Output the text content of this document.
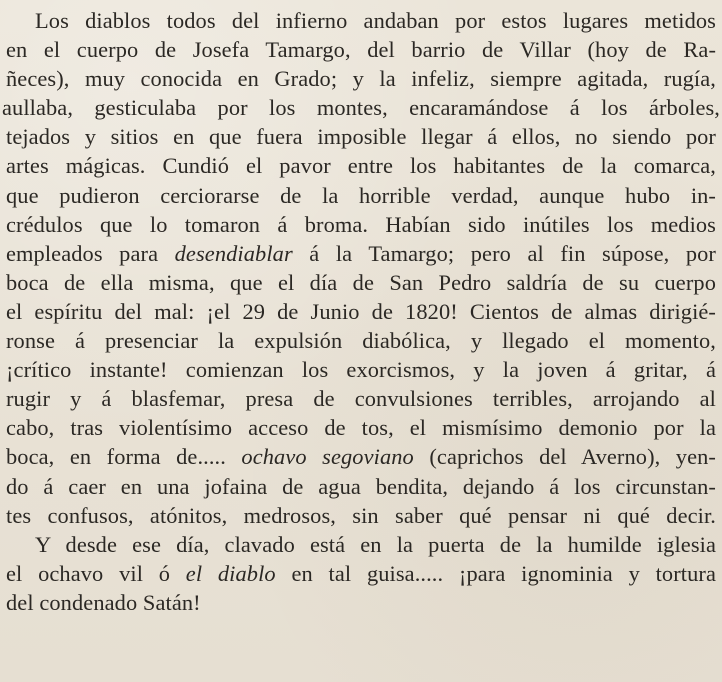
Los diablos todos del infierno andaban por estos lugares metidos
en el cuerpo de Josefa Tamargo, del barrio de Villar (hoy de Ra-
ñeces), muy conocida en Grado; y la infeliz, siempre agitada, rugía,
aullaba, gesticulaba por los montes, encaramándose á los árboles,
tejados y sitios en que fuera imposible llegar á ellos, no siendo por
artes mágicas. Cundió el pavor entre los habitantes de la comarca,
que pudieron cerciorarse de la horrible verdad, aunque hubo in-
crédulos que lo tomaron á broma. Habían sido inútiles los medios
empleados para desendiablar á la Tamargo; pero al fin súpose, por
boca de ella misma, que el día de San Pedro saldría de su cuerpo
el espíritu del mal: ¡el 29 de Junio de 1820! Cientos de almas dirigié-
ronse á presenciar la expulsión diabólica, y llegado el momento,
¡crítico instante! comienzan los exorcismos, y la joven á gritar, á
rugir y á blasfemar, presa de convulsiones terribles, arrojando al
cabo, tras violentísimo acceso de tos, el mismísimo demonio por la
boca, en forma de..... ochavo segoviano (caprichos del Averno), yen-
do á caer en una jofaina de agua bendita, dejando á los circunstan-
tes confusos, atónitos, medrosos, sin saber qué pensar ni qué decir.
Y desde ese día, clavado está en la puerta de la humilde iglesia
el ochavo vil ó el diablo en tal guisa..... ¡para ignominia y tortura
del condenado Satán!
